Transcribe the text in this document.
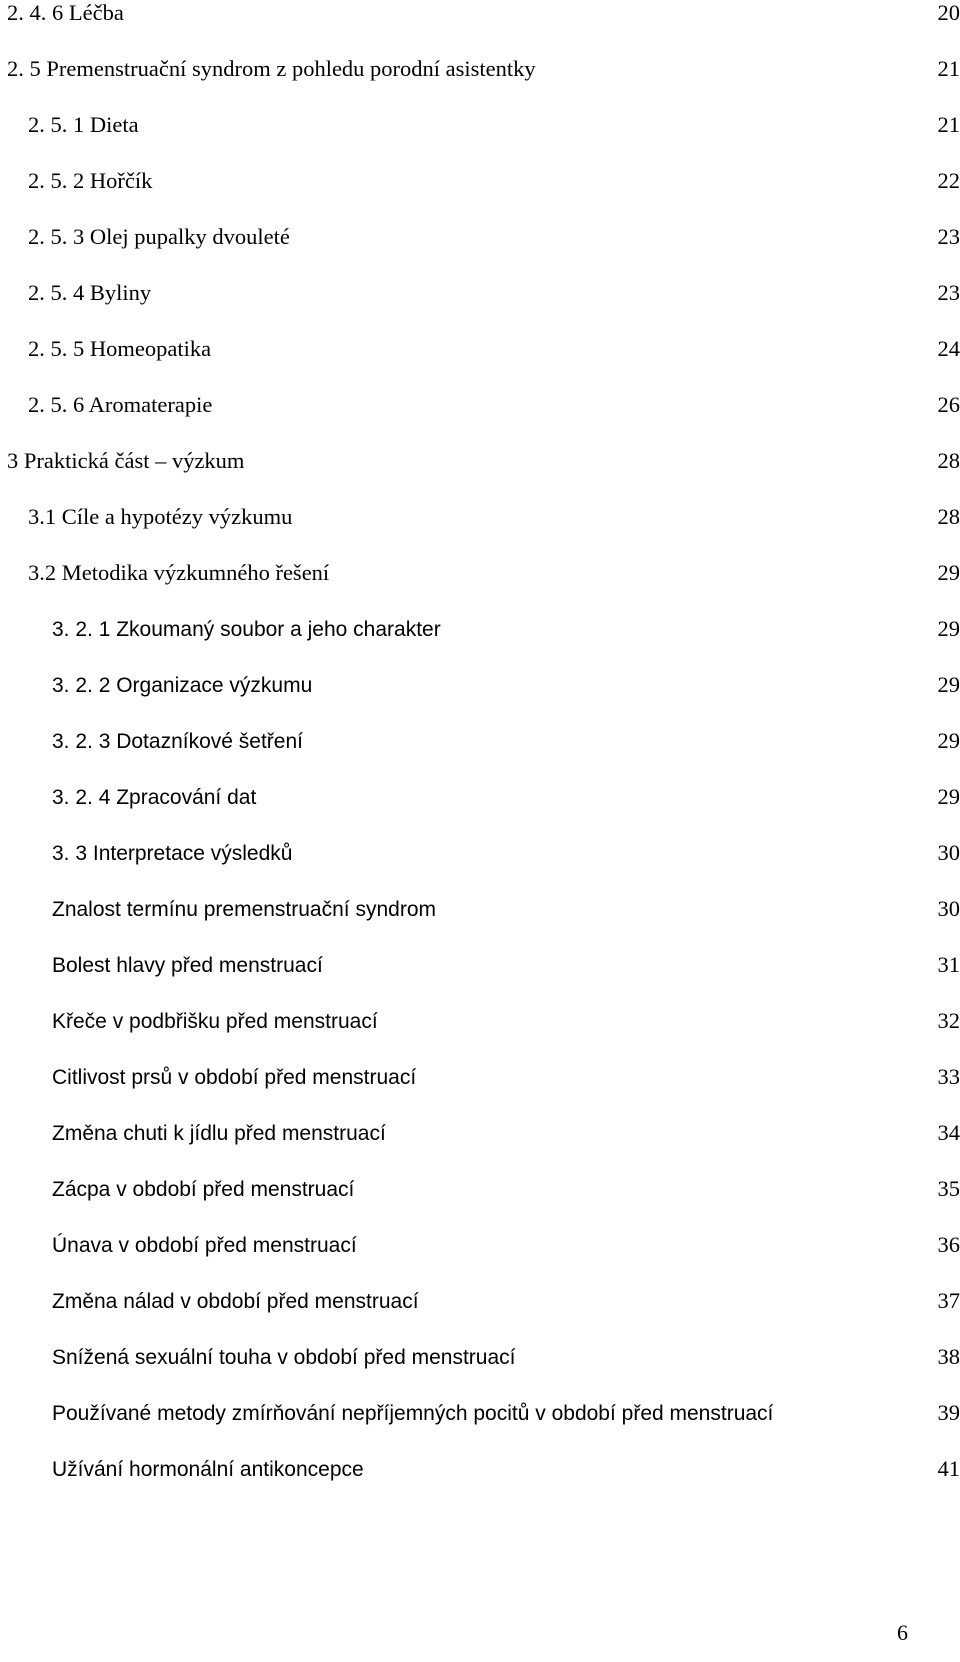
2. 4. 6 Léčba .....	20
2. 5 Premenstruační syndrom z pohledu porodní asistentky .....	21
2. 5. 1 Dieta .....	21
2. 5. 2 Hořčík .....	22
2. 5. 3 Olej pupalky dvouleté .....	23
2. 5. 4 Byliny .....	23
2. 5. 5 Homeopatika .....	24
2. 5. 6 Aromaterapie .....	26
3 Praktická část – výzkum .....	28
3.1 Cíle a hypotézy výzkumu .....	28
3.2 Metodika výzkumného řešení .....	29
3. 2. 1 Zkoumaný soubor a jeho charakter .....	29
3. 2. 2 Organizace výzkumu .....	29
3. 2. 3 Dotazníkové šetření .....	29
3. 2. 4 Zpracování dat .....	29
3. 3 Interpretace výsledků .....	30
Znalost termínu premenstruační syndrom .....	30
Bolest hlavy před menstruací .....	31
Křeče v podbřišku před menstruací .....	32
Citlivost prsů v období před menstruací .....	33
Změna chuti k jídlu před menstruací .....	34
Zácpa v období před menstruací .....	35
Únava v období před menstruací .....	36
Změna nálad v období před menstruací .....	37
Snížená sexuální touha v období před menstruací .....	38
Používané metody zmírňování nepříjemných pocitů v období před menstruací .....	39
Užívání hormonální antikoncepce .....	41
6
